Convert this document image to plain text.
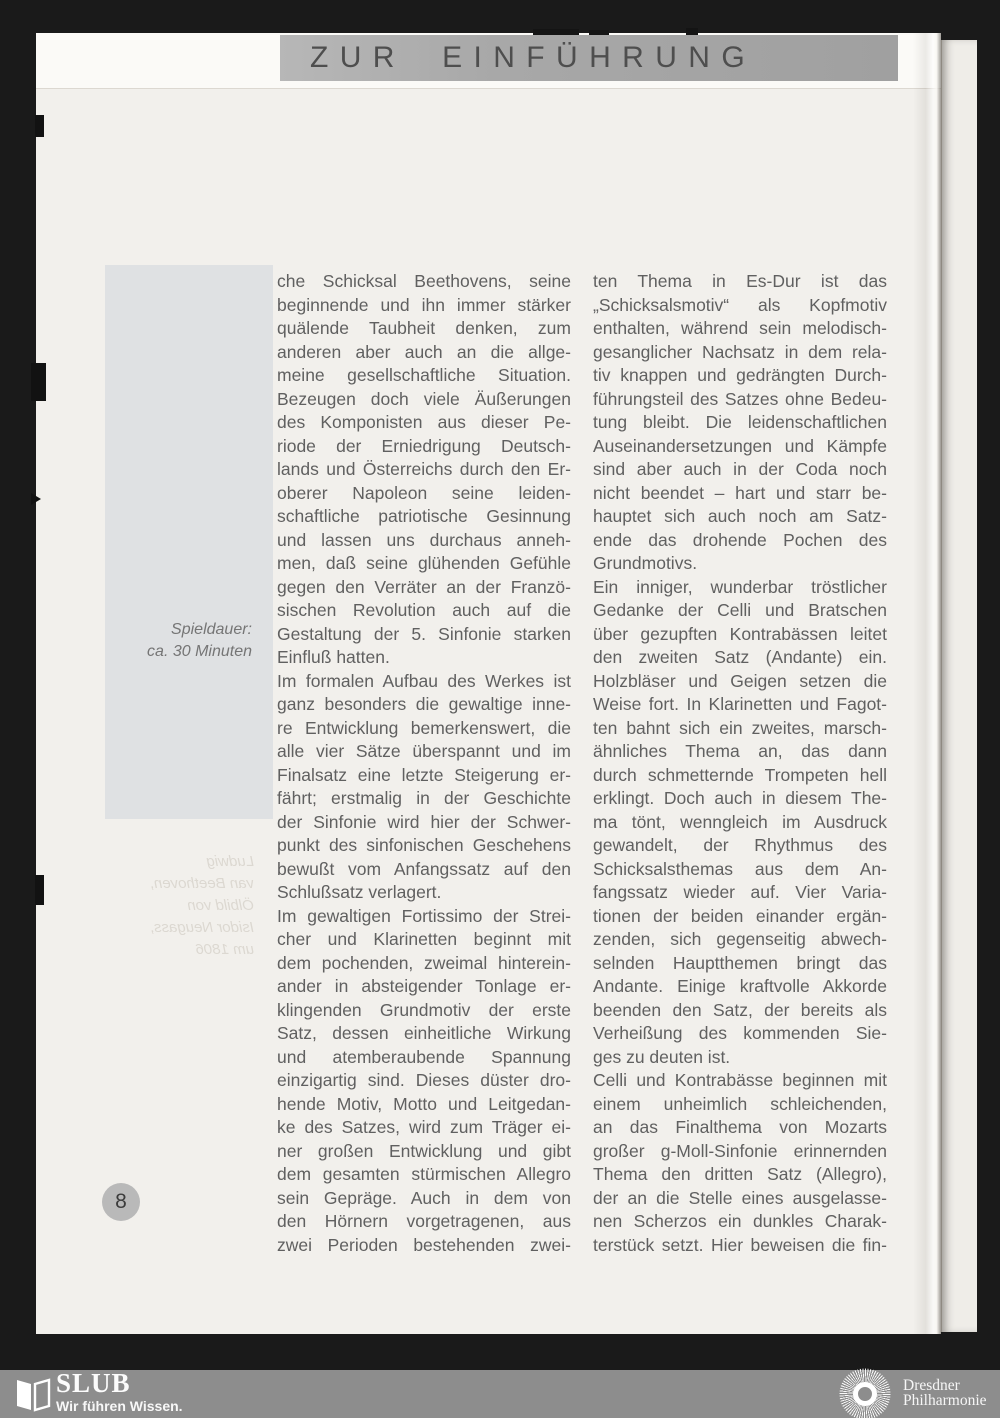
ZUR EINFÜHRUNG
Spieldauer:
ca. 30 Minuten
Ludwig
van Beethoven,
Ölbild von
Isidor Neugass,
um 1806
che Schicksal Beethovens, seine
beginnende und ihn immer stärker
quälende Taubheit denken, zum
anderen aber auch an die allge-
meine gesellschaftliche Situation.
Bezeugen doch viele Äußerungen
des Komponisten aus dieser Pe-
riode der Erniedrigung Deutsch-
lands und Österreichs durch den Er-
oberer Napoleon seine leiden-
schaftliche patriotische Gesinnung
und lassen uns durchaus anneh-
men, daß seine glühenden Gefühle
gegen den Verräter an der Franzö-
sischen Revolution auch auf die
Gestaltung der 5. Sinfonie starken
Einfluß hatten.
Im formalen Aufbau des Werkes ist
ganz besonders die gewaltige inne-
re Entwicklung bemerkenswert, die
alle vier Sätze überspannt und im
Finalsatz eine letzte Steigerung er-
fährt; erstmalig in der Geschichte
der Sinfonie wird hier der Schwer-
punkt des sinfonischen Geschehens
bewußt vom Anfangssatz auf den
Schlußsatz verlagert.
Im gewaltigen Fortissimo der Strei-
cher und Klarinetten beginnt mit
dem pochenden, zweimal hinterein-
ander in absteigender Tonlage er-
klingenden Grundmotiv der erste
Satz, dessen einheitliche Wirkung
und atemberaubende Spannung
einzigartig sind. Dieses düster dro-
hende Motiv, Motto und Leitgedan-
ke des Satzes, wird zum Träger ei-
ner großen Entwicklung und gibt
dem gesamten stürmischen Allegro
sein Gepräge. Auch in dem von
den Hörnern vorgetragenen, aus
zwei Perioden bestehenden zwei-
ten Thema in Es-Dur ist das
„Schicksalsmotiv“ als Kopfmotiv
enthalten, während sein melodisch-
gesanglicher Nachsatz in dem rela-
tiv knappen und gedrängten Durch-
führungsteil des Satzes ohne Bedeu-
tung bleibt. Die leidenschaftlichen
Auseinandersetzungen und Kämpfe
sind aber auch in der Coda noch
nicht beendet – hart und starr be-
hauptet sich auch noch am Satz-
ende das drohende Pochen des
Grundmotivs.
Ein inniger, wunderbar tröstlicher
Gedanke der Celli und Bratschen
über gezupften Kontrabässen leitet
den zweiten Satz (Andante) ein.
Holzbläser und Geigen setzen die
Weise fort. In Klarinetten und Fagot-
ten bahnt sich ein zweites, marsch-
ähnliches Thema an, das dann
durch schmetternde Trompeten hell
erklingt. Doch auch in diesem The-
ma tönt, wenngleich im Ausdruck
gewandelt, der Rhythmus des
Schicksalsthemas aus dem An-
fangssatz wieder auf. Vier Varia-
tionen der beiden einander ergän-
zenden, sich gegenseitig abwech-
selnden Hauptthemen bringt das
Andante. Einige kraftvolle Akkorde
beenden den Satz, der bereits als
Verheißung des kommenden Sie-
ges zu deuten ist.
Celli und Kontrabässe beginnen mit
einem unheimlich schleichenden,
an das Finalthema von Mozarts
großer g-Moll-Sinfonie erinnernden
Thema den dritten Satz (Allegro),
der an die Stelle eines ausgelasse-
nen Scherzos ein dunkles Charak-
terstück setzt. Hier beweisen die fin-
8
SLUB
Wir führen Wissen.
Dresdner
Philharmonie
